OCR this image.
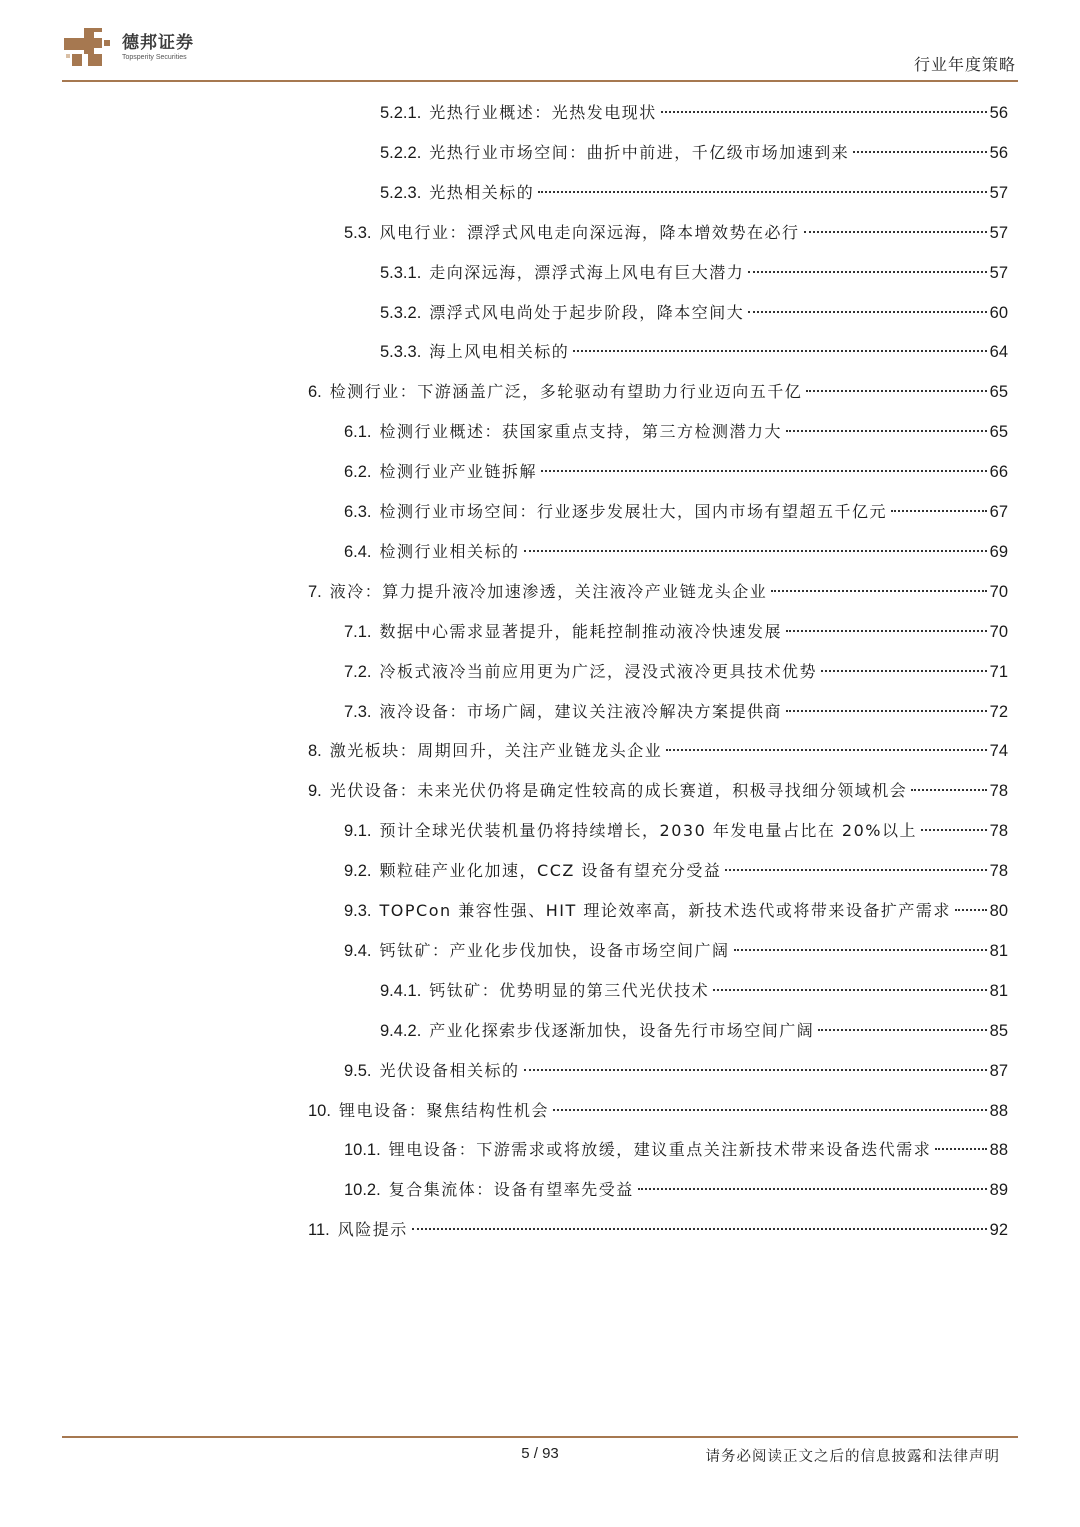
德邦证券
Topsperity Securities	行业年度策略
5.2.1. 光热行业概述：光热发电现状	56
5.2.2. 光热行业市场空间：曲折中前进，千亿级市场加速到来	56
5.2.3. 光热相关标的	57
5.3. 风电行业：漂浮式风电走向深远海，降本增效势在必行	57
5.3.1. 走向深远海，漂浮式海上风电有巨大潜力	57
5.3.2. 漂浮式风电尚处于起步阶段，降本空间大	60
5.3.3. 海上风电相关标的	64
6. 检测行业：下游涵盖广泛，多轮驱动有望助力行业迈向五千亿	65
6.1. 检测行业概述：获国家重点支持，第三方检测潜力大	65
6.2. 检测行业产业链拆解	66
6.3. 检测行业市场空间：行业逐步发展壮大，国内市场有望超五千亿元	67
6.4. 检测行业相关标的	69
7. 液冷：算力提升液冷加速渗透，关注液冷产业链龙头企业	70
7.1. 数据中心需求显著提升，能耗控制推动液冷快速发展	70
7.2. 冷板式液冷当前应用更为广泛，浸没式液冷更具技术优势	71
7.3. 液冷设备：市场广阔，建议关注液冷解决方案提供商	72
8. 激光板块：周期回升，关注产业链龙头企业	74
9. 光伏设备：未来光伏仍将是确定性较高的成长赛道，积极寻找细分领域机会	78
9.1. 预计全球光伏装机量仍将持续增长，2030 年发电量占比在 20%以上	78
9.2. 颗粒硅产业化加速，CCZ 设备有望充分受益	78
9.3. TOPCon 兼容性强、HIT 理论效率高，新技术迭代或将带来设备扩产需求 80
9.4. 钙钛矿：产业化步伐加快，设备市场空间广阔	81
9.4.1. 钙钛矿：优势明显的第三代光伏技术	81
9.4.2. 产业化探索步伐逐渐加快，设备先行市场空间广阔	85
9.5. 光伏设备相关标的	87
10. 锂电设备：聚焦结构性机会	88
10.1. 锂电设备：下游需求或将放缓，建议重点关注新技术带来设备迭代需求	88
10.2. 复合集流体：设备有望率先受益	89
11. 风险提示	92
5 / 93	请务必阅读正文之后的信息披露和法律声明
